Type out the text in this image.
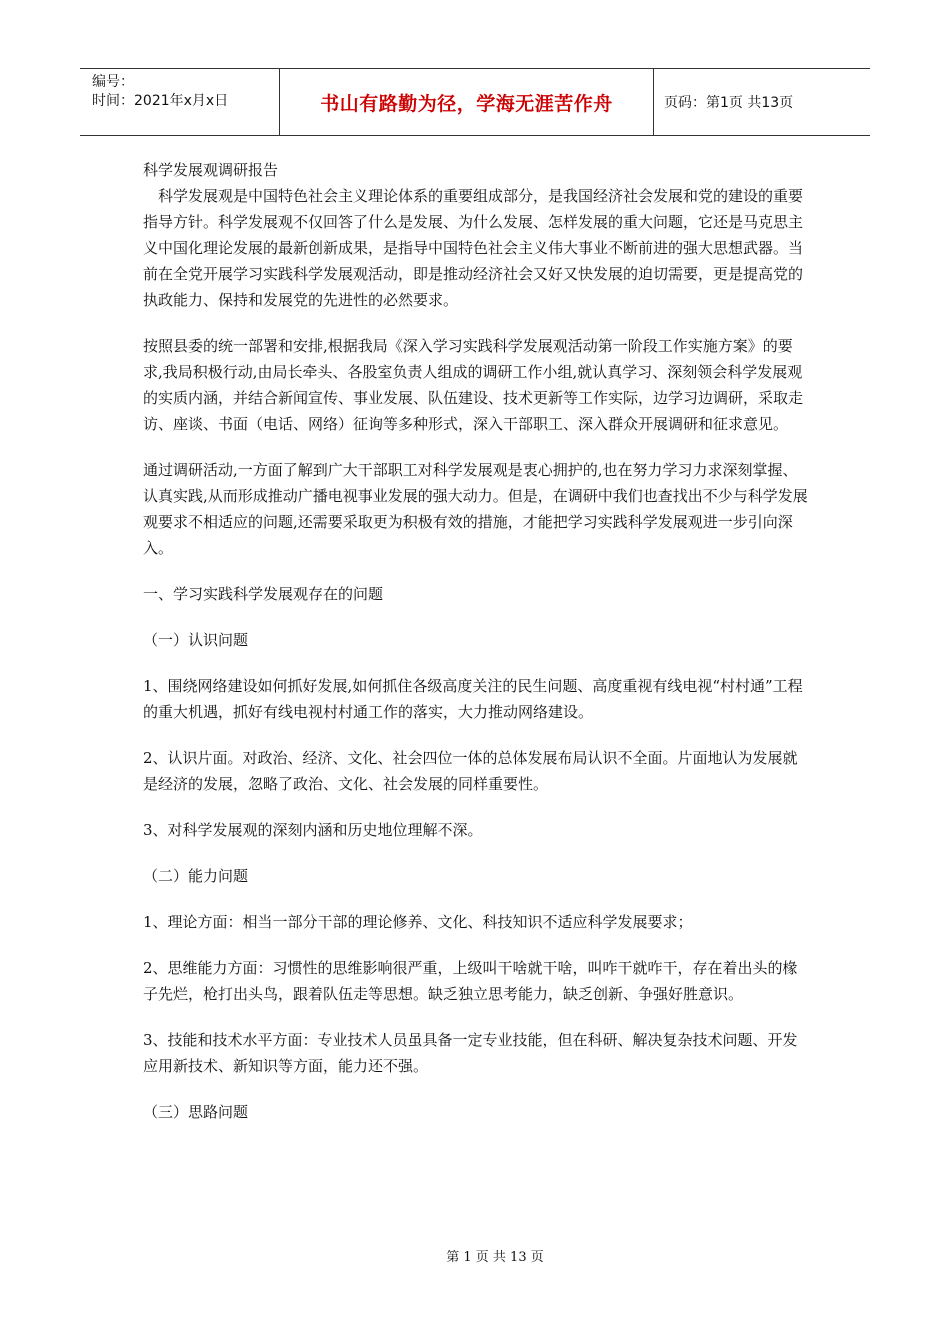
编号：
时间：2021年x月x日	书山有路勤为径，学海无涯苦作舟	页码：第1页 共13页

科学发展观调研报告

科学发展观是中国特色社会主义理论体系的重要组成部分，是我国经济社会发展和党的建设的重要指导方针。科学发展观不仅回答了什么是发展、为什么发展、怎样发展的重大问题，它还是马克思主义中国化理论发展的最新创新成果，是指导中国特色社会主义伟大事业不断前进的强大思想武器。当前在全党开展学习实践科学发展观活动，即是推动经济社会又好又快发展的迫切需要，更是提高党的执政能力、保持和发展党的先进性的必然要求。

按照县委的统一部署和安排,根据我局《深入学习实践科学发展观活动第一阶段工作实施方案》的要求,我局积极行动,由局长牵头、各股室负责人组成的调研工作小组,就认真学习、深刻领会科学发展观的实质内涵，并结合新闻宣传、事业发展、队伍建设、技术更新等工作实际，边学习边调研，采取走访、座谈、书面（电话、网络）征询等多种形式，深入干部职工、深入群众开展调研和征求意见。

通过调研活动,一方面了解到广大干部职工对科学发展观是衷心拥护的,也在努力学习力求深刻掌握、认真实践,从而形成推动广播电视事业发展的强大动力。但是，在调研中我们也查找出不少与科学发展观要求不相适应的问题,还需要采取更为积极有效的措施，才能把学习实践科学发展观进一步引向深入。

一、学习实践科学发展观存在的问题

（一）认识问题

1、围绕网络建设如何抓好发展,如何抓住各级高度关注的民生问题、高度重视有线电视“村村通”工程的重大机遇，抓好有线电视村村通工作的落实，大力推动网络建设。

2、认识片面。对政治、经济、文化、社会四位一体的总体发展布局认识不全面。片面地认为发展就是经济的发展，忽略了政治、文化、社会发展的同样重要性。

3、对科学发展观的深刻内涵和历史地位理解不深。

（二）能力问题

1、理论方面：相当一部分干部的理论修养、文化、科技知识不适应科学发展要求；

2、思维能力方面：习惯性的思维影响很严重，上级叫干啥就干啥，叫咋干就咋干，存在着出头的椽子先烂，枪打出头鸟，跟着队伍走等思想。缺乏独立思考能力，缺乏创新、争强好胜意识。

3、技能和技术水平方面：专业技术人员虽具备一定专业技能，但在科研、解决复杂技术问题、开发应用新技术、新知识等方面，能力还不强。

（三）思路问题

第 1 页 共 13 页
